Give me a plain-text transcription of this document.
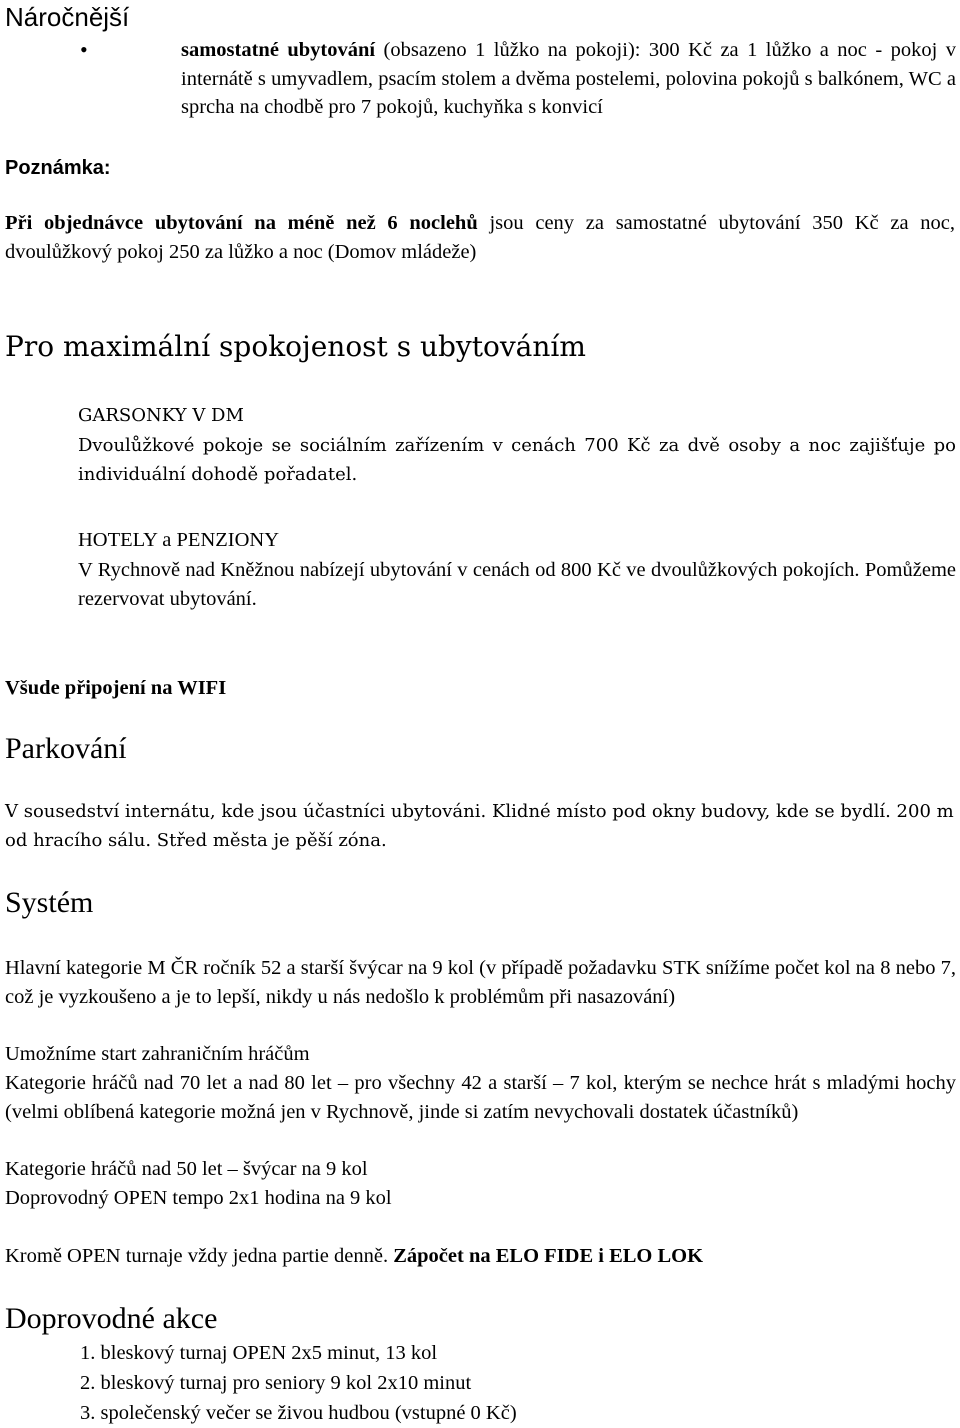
Náročnější
•	samostatné ubytování (obsazeno 1 lůžko na pokoji): 300 Kč za 1 lůžko a noc - pokoj v internátě s umyvadlem, psacím stolem a dvěma postelemi, polovina pokojů s balkónem, WC a sprcha na chodbě pro 7 pokojů, kuchyňka s konvicí
Poznámka:
Při objednávce ubytování na méně než 6 noclehů jsou ceny za samostatné ubytování 350 Kč za noc, dvoulůžkový pokoj 250 za lůžko a noc (Domov mládeže)
Pro maximální spokojenost s ubytováním
GARSONKY V DM
Dvoulůžkové pokoje se sociálním zařízením v cenách 700 Kč za dvě osoby a noc zajišťuje po individuální dohodě pořadatel.
HOTELY a PENZIONY
V Rychnově nad Kněžnou nabízejí ubytování v cenách od 800 Kč ve dvoulůžkových pokojích. Pomůžeme rezervovat ubytování.
Všude připojení na WIFI
Parkování
V sousedství internátu, kde jsou účastníci ubytováni. Klidné místo pod okny budovy, kde se bydlí. 200 m od hracího sálu. Střed města je pěší zóna.
Systém
Hlavní kategorie M ČR ročník 52 a starší švýcar na 9 kol (v případě požadavku STK snížíme počet kol na 8 nebo 7, což je vyzkoušeno a je to lepší, nikdy u nás nedošlo k problémům při nasazování)
Umožníme start zahraničním hráčům
Kategorie hráčů nad 70 let a nad 80 let – pro všechny 42 a starší – 7 kol, kterým se nechce hrát s mladými hochy (velmi oblíbená kategorie možná jen v Rychnově, jinde si zatím nevychovali dostatek účastníků)
Kategorie hráčů nad 50 let – švýcar na 9 kol
Doprovodný OPEN tempo 2x1 hodina na 9 kol
Kromě OPEN turnaje vždy jedna partie denně. Zápočet na ELO FIDE i ELO LOK
Doprovodné akce
1. bleskový turnaj OPEN 2x5 minut, 13 kol
2. bleskový turnaj pro seniory 9 kol 2x10 minut
3. společenský večer se živou hudbou (vstupné 0 Kč)
